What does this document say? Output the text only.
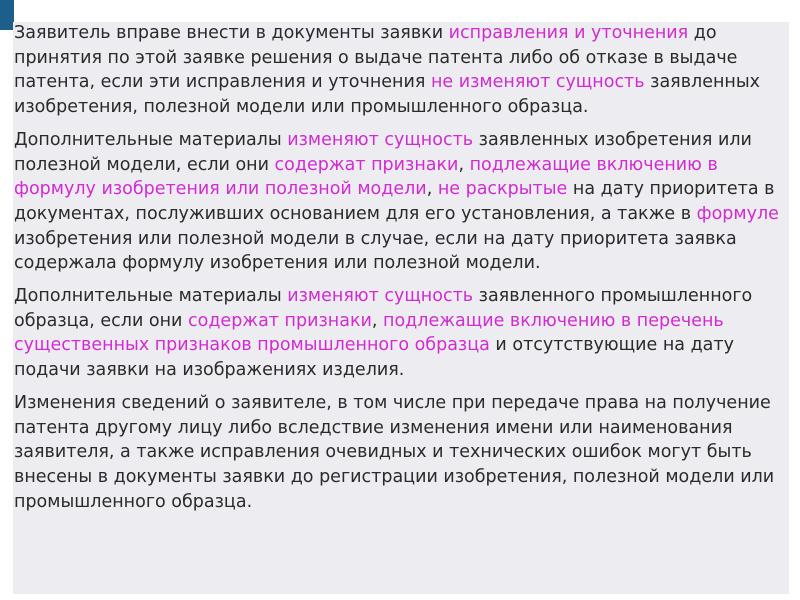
Заявитель вправе внести в документы заявки исправления и уточнения до принятия по этой заявке решения о выдаче патента либо об отказе в выдаче патента, если эти исправления и уточнения не изменяют сущность заявленных изобретения, полезной модели или промышленного образца.

Дополнительные материалы изменяют сущность заявленных изобретения или полезной модели, если они содержат признаки, подлежащие включению в формулу изобретения или полезной модели, не раскрытые на дату приоритета в документах, послуживших основанием для его установления, а также в формуле изобретения или полезной модели в случае, если на дату приоритета заявка содержала формулу изобретения или полезной модели.

Дополнительные материалы изменяют сущность заявленного промышленного образца, если они содержат признаки, подлежащие включению в перечень существенных признаков промышленного образца и отсутствующие на дату подачи заявки на изображениях изделия.

Изменения сведений о заявителе, в том числе при передаче права на получение патента другому лицу либо вследствие изменения имени или наименования заявителя, а также исправления очевидных и технических ошибок могут быть внесены в документы заявки до регистрации изобретения, полезной модели или промышленного образца.
